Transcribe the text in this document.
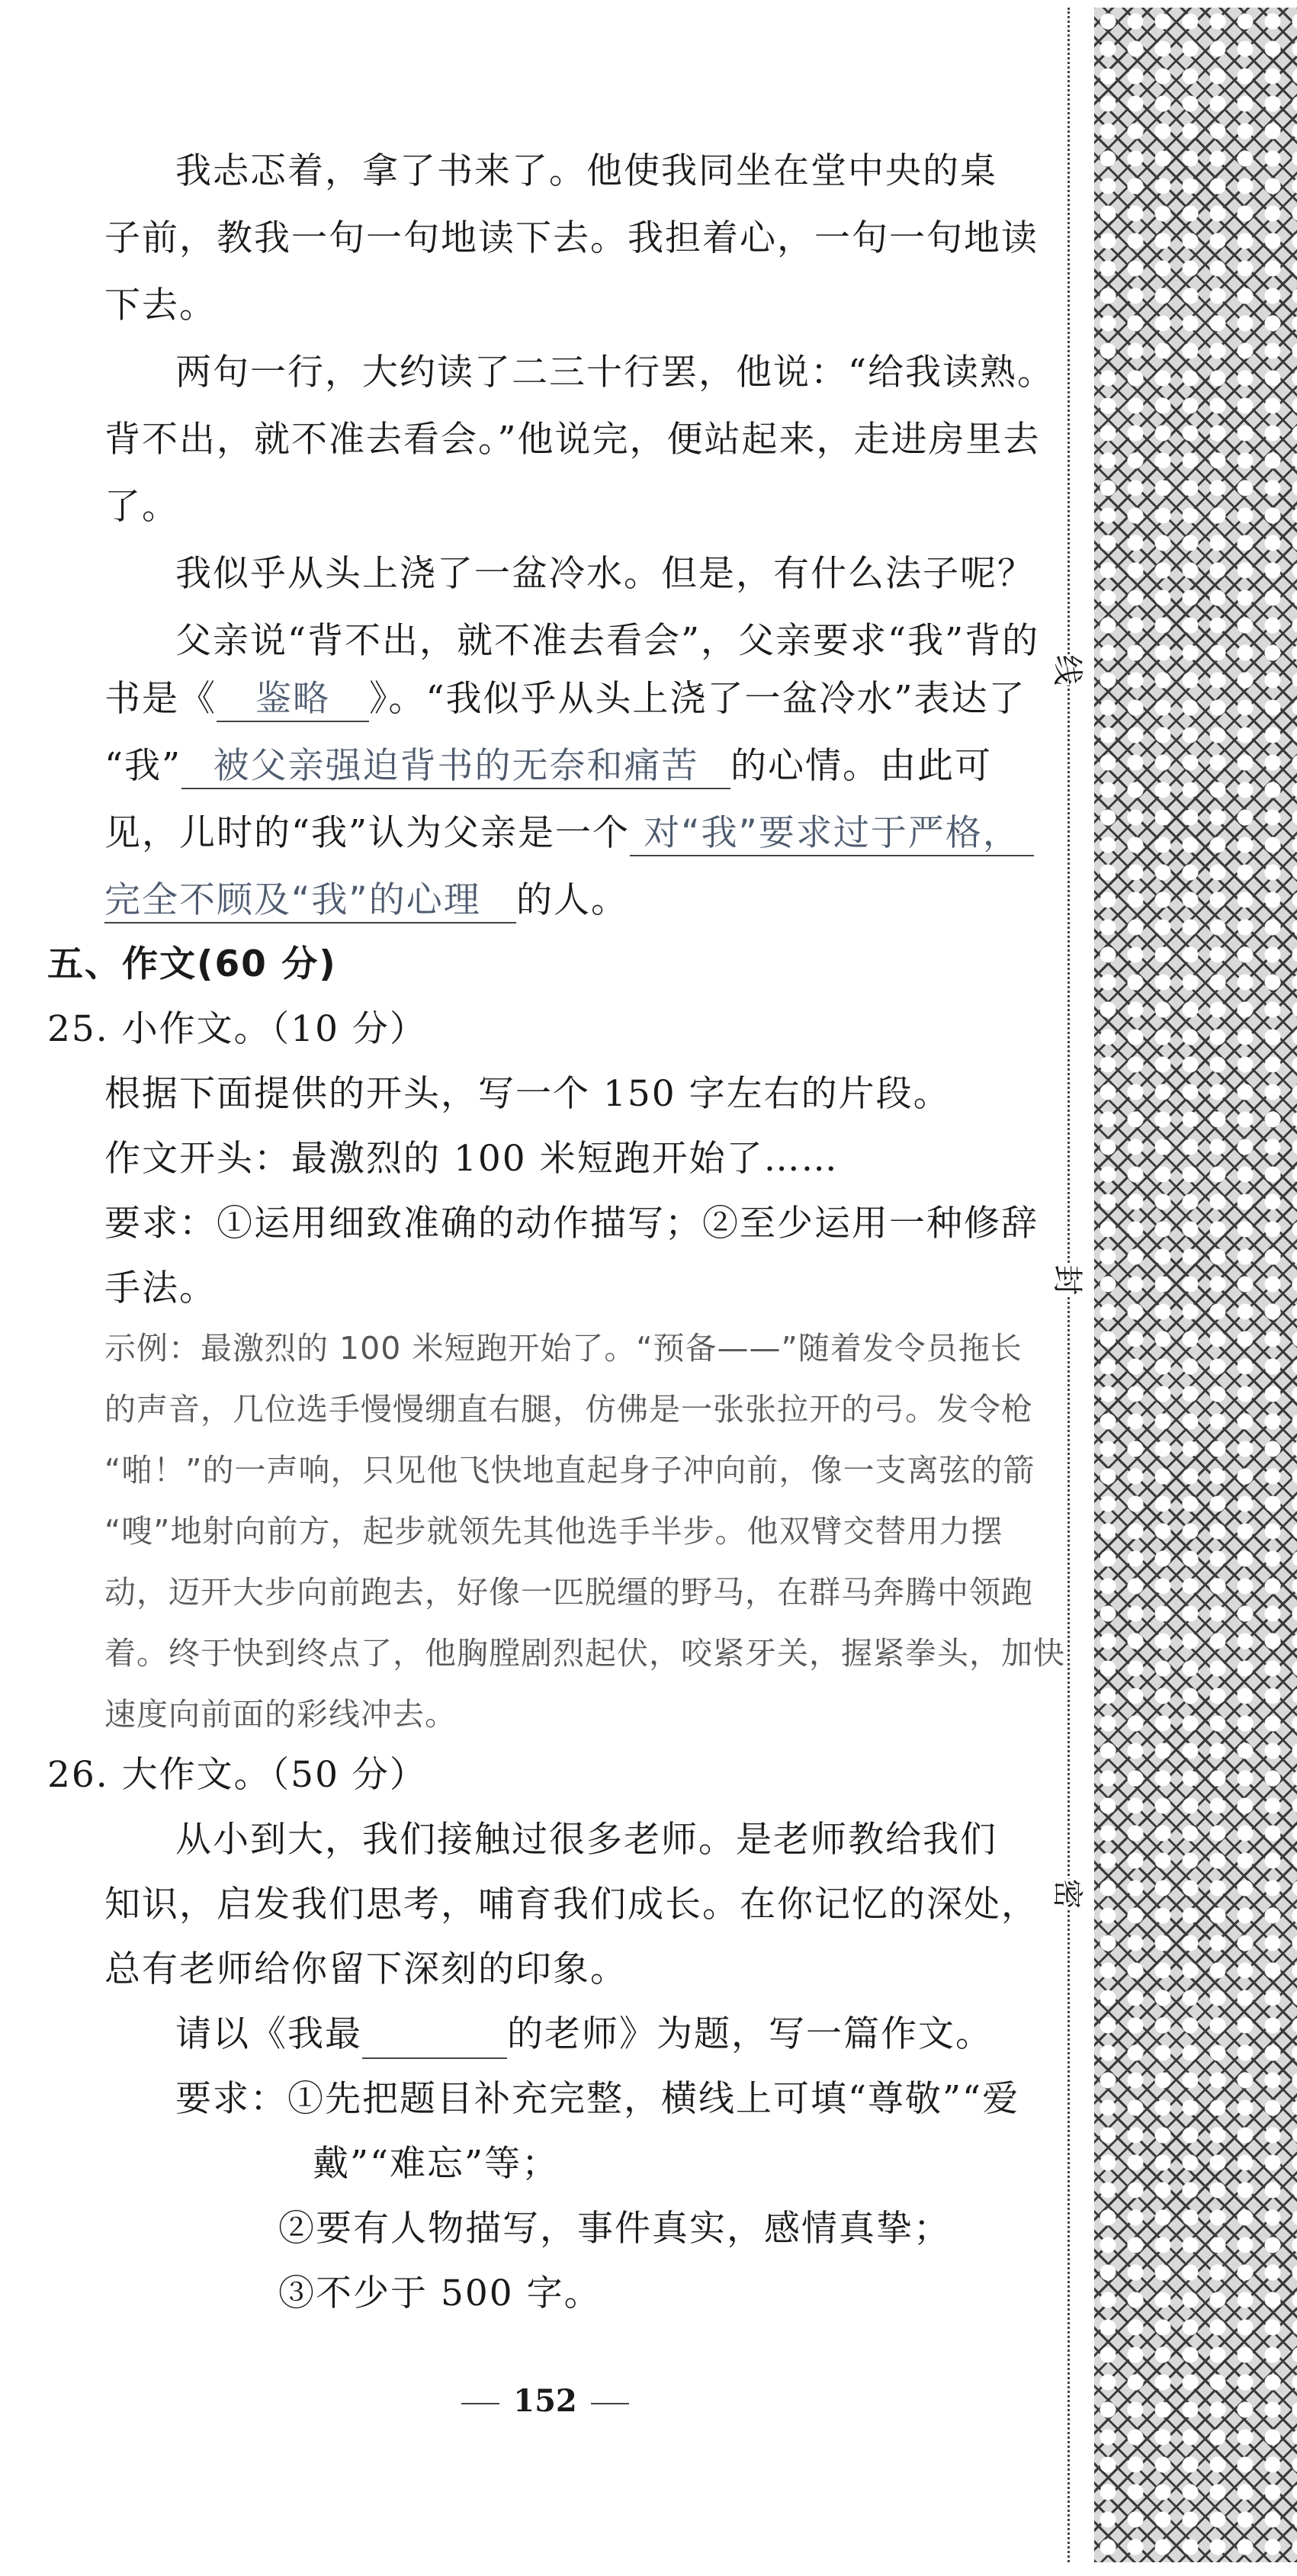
我忐忑着，拿了书来了。他使我同坐在堂中央的桌
子前，教我一句一句地读下去。我担着心，一句一句地读
下去。
两句一行，大约读了二三十行罢，他说：“给我读熟。
背不出，就不准去看会。”他说完，便站起来，走进房里去
了。
我似乎从头上浇了一盆冷水。但是，有什么法子呢？
父亲说“背不出，就不准去看会”，父亲要求“我”背的
书是《 鉴略 》。“我似乎从头上浇了一盆冷水”表达了
“我” 被父亲强迫背书的无奈和痛苦 的心情。由此可
见，儿时的“我”认为父亲是一个 对“我”要求过于严格，
完全不顾及“我”的心理 的人。
五、作文(60 分)
25. 小作文。（10 分）
根据下面提供的开头，写一个 150 字左右的片段。
作文开头：最激烈的 100 米短跑开始了……
要求：①运用细致准确的动作描写；②至少运用一种修辞
手法。
示例：最激烈的 100 米短跑开始了。“预备——”随着发令员拖长
的声音，几位选手慢慢绷直右腿，仿佛是一张张拉开的弓。发令枪
“啪！”的一声响，只见他飞快地直起身子冲向前，像一支离弦的箭
“嗖”地射向前方，起步就领先其他选手半步。他双臂交替用力摆
动，迈开大步向前跑去，好像一匹脱缰的野马，在群马奔腾中领跑
着。终于快到终点了，他胸膛剧烈起伏，咬紧牙关，握紧拳头，加快
速度向前面的彩线冲去。
26. 大作文。（50 分）
从小到大，我们接触过很多老师。是老师教给我们
知识，启发我们思考，哺育我们成长。在你记忆的深处，
总有老师给你留下深刻的印象。
请以《我最	的老师》为题，写一篇作文。
要求：①先把题目补充完整，横线上可填“尊敬”“爱
戴”“难忘”等；
②要有人物描写，事件真实，感情真挚；
③不少于 500 字。
152
线
封
密
